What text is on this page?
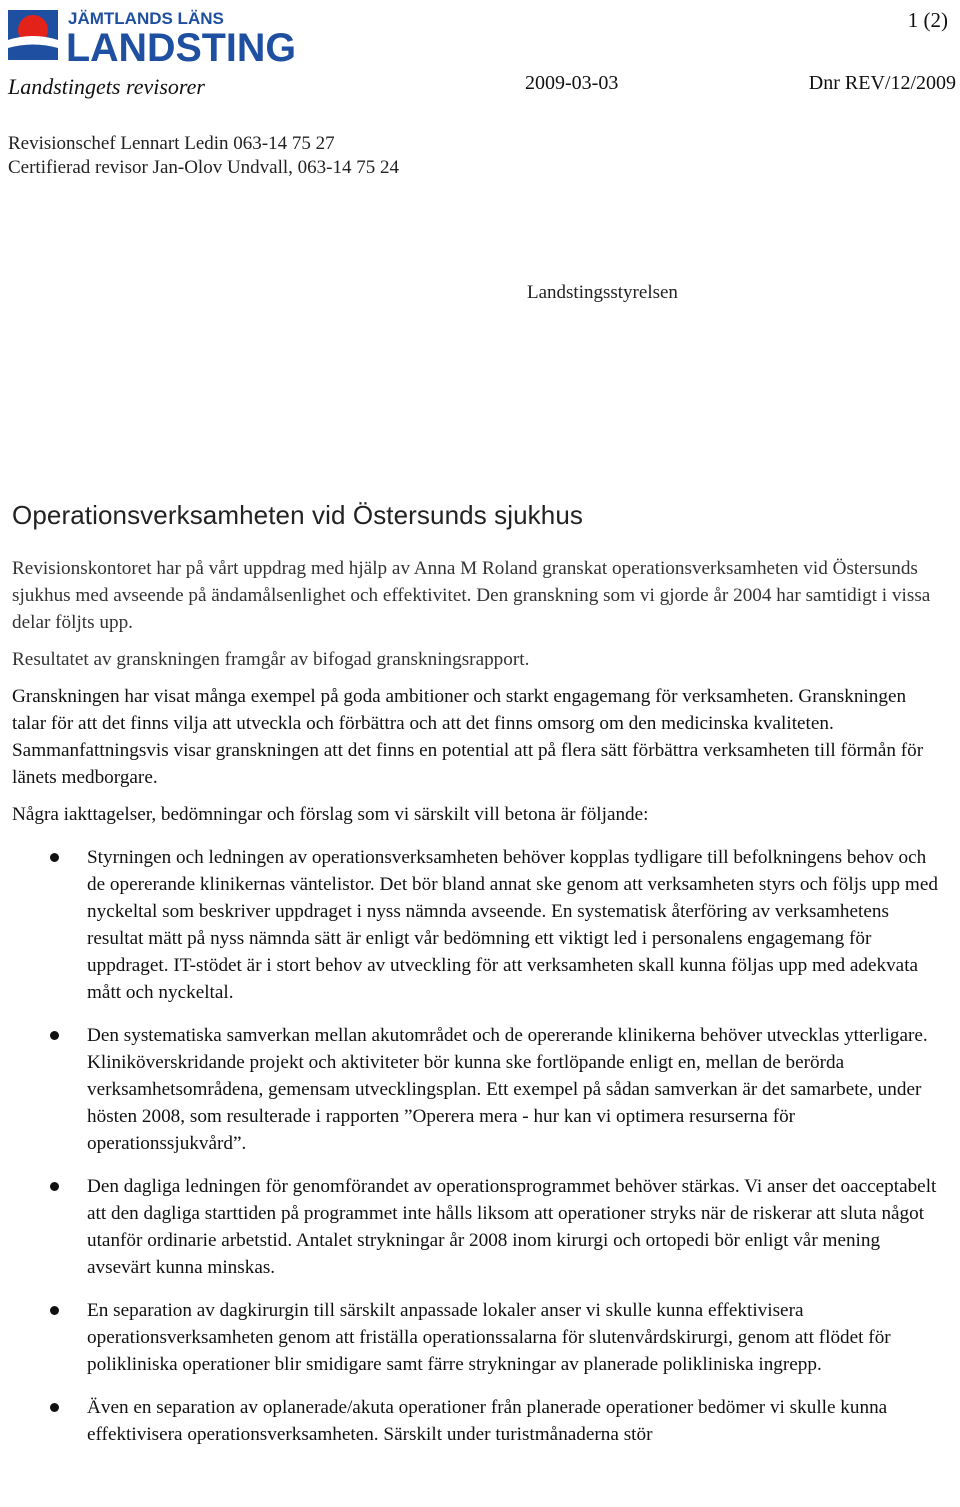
JÄMTLANDS LÄNS
LANDSTING
1 (2)
Landstingets revisorer	2009-03-03	Dnr REV/12/2009
Revisionschef Lennart Ledin 063-14 75 27
Certifierad revisor Jan-Olov Undvall, 063-14 75 24
Landstingsstyrelsen
Operationsverksamheten vid Östersunds sjukhus

Revisionskontoret har på vårt uppdrag med hjälp av Anna M Roland granskat operationsverksamheten vid Östersunds sjukhus med avseende på ändamålsenlighet och effektivitet. Den granskning som vi gjorde år 2004 har samtidigt i vissa delar följts upp.

Resultatet av granskningen framgår av bifogad granskningsrapport.

Granskningen har visat många exempel på goda ambitioner och starkt engagemang för verksamheten. Granskningen talar för att det finns vilja att utveckla och förbättra och att det finns omsorg om den medicinska kvaliteten. Sammanfattningsvis visar granskningen att det finns en potential att på flera sätt förbättra verksamheten till förmån för länets medborgare.

Några iakttagelser, bedömningar och förslag som vi särskilt vill betona är följande:

Styrningen och ledningen av operationsverksamheten behöver kopplas tydligare till befolkningens behov och de opererande klinikernas väntelistor. Det bör bland annat ske genom att verksamheten styrs och följs upp med nyckeltal som beskriver uppdraget i nyss nämnda avseende. En systematisk återföring av verksamhetens resultat mätt på nyss nämnda sätt är enligt vår bedömning ett viktigt led i personalens engagemang för uppdraget. IT-stödet är i stort behov av utveckling för att verksamheten skall kunna följas upp med adekvata mått och nyckeltal.
Den systematiska samverkan mellan akutområdet och de opererande klinikerna behöver utvecklas ytterligare. Kliniköverskridande projekt och aktiviteter bör kunna ske fortlöpande enligt en, mellan de berörda verksamhetsområdena, gemensam utvecklingsplan. Ett exempel på sådan samverkan är det samarbete, under hösten 2008, som resulterade i rapporten ”Operera mera - hur kan vi optimera resurserna för operationssjukvård”.
Den dagliga ledningen för genomförandet av operationsprogrammet behöver stärkas. Vi anser det oacceptabelt att den dagliga starttiden på programmet inte hålls liksom att operationer stryks när de riskerar att sluta något utanför ordinarie arbetstid. Antalet strykningar år 2008 inom kirurgi och ortopedi bör enligt vår mening avsevärt kunna minskas.
En separation av dagkirurgin till särskilt anpassade lokaler anser vi skulle kunna effektivisera operationsverksamheten genom att friställa operationssalarna för slutenvårdskirurgi, genom att flödet för polikliniska operationer blir smidigare samt färre strykningar av planerade polikliniska ingrepp.
Även en separation av oplanerade/akuta operationer från planerade operationer bedömer vi skulle kunna effektivisera operationsverksamheten. Särskilt under turistmånaderna stör
